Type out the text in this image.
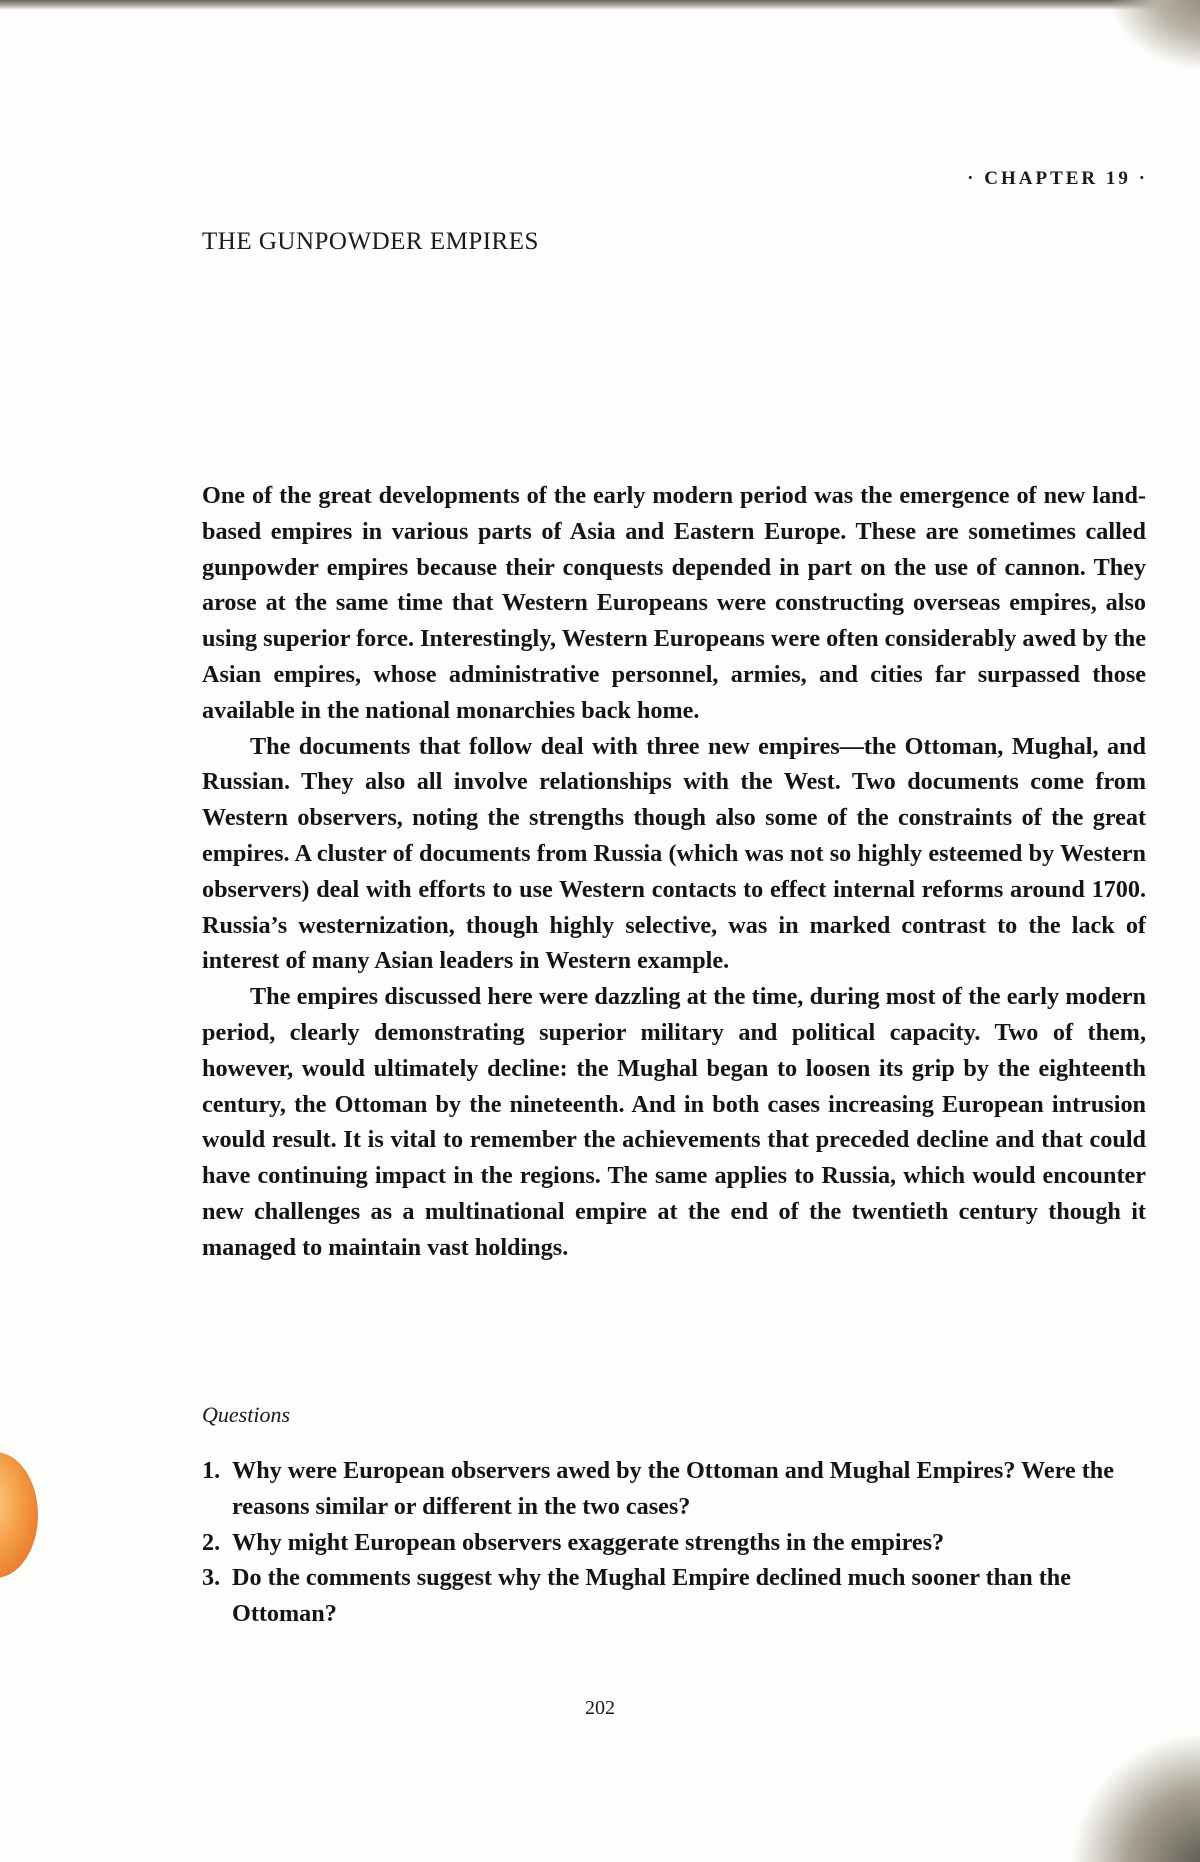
· CHAPTER 19 ·
THE GUNPOWDER EMPIRES

One of the great developments of the early modern period was the emergence of new land-based empires in various parts of Asia and Eastern Europe. These are sometimes called gunpowder empires because their conquests depended in part on the use of cannon. They arose at the same time that Western Europeans were constructing overseas empires, also using superior force. Interestingly, Western Europeans were often considerably awed by the Asian empires, whose administrative personnel, armies, and cities far surpassed those available in the national monarchies back home.

The documents that follow deal with three new empires—the Ottoman, Mughal, and Russian. They also all involve relationships with the West. Two documents come from Western observers, noting the strengths though also some of the constraints of the great empires. A cluster of documents from Russia (which was not so highly esteemed by Western observers) deal with efforts to use Western contacts to effect internal reforms around 1700. Russia’s westernization, though highly selective, was in marked contrast to the lack of interest of many Asian leaders in Western example.

The empires discussed here were dazzling at the time, during most of the early modern period, clearly demonstrating superior military and political capacity. Two of them, however, would ultimately decline: the Mughal began to loosen its grip by the eighteenth century, the Ottoman by the nineteenth. And in both cases increasing European intrusion would result. It is vital to remember the achievements that preceded decline and that could have continuing impact in the regions. The same applies to Russia, which would encounter new challenges as a multinational empire at the end of the twentieth century though it managed to maintain vast holdings.

Questions
1. Why were European observers awed by the Ottoman and Mughal Empires? Were the reasons similar or different in the two cases?
2. Why might European observers exaggerate strengths in the empires?
3. Do the comments suggest why the Mughal Empire declined much sooner than the Ottoman?
202
